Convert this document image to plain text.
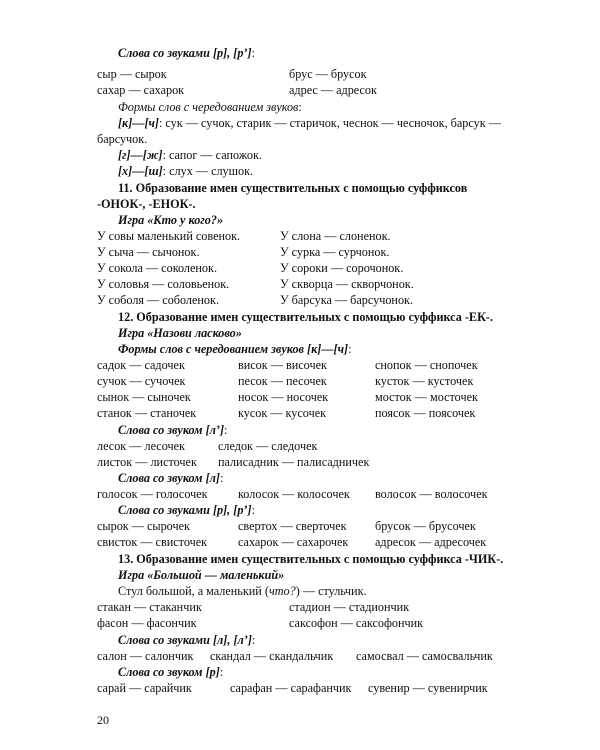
Слова со звуками [р], [р’]:
сыр — сырок	брус — брусок
сахар — сахарок	адрес — адресок
Формы слов с чередованием звуков:
[к]—[ч]: сук — сучок, старик — старичок, чеснок — чесночок, барсук —
барсучок.
[г]—[ж]: сапог — сапожок.
[х]—[ш]: слух — слушок.
11. Образование имен существительных с помощью суффиксов
-ОНОК-, -ЕНОК-.
Игра «Кто у кого?»
У совы маленький совенок.	У слона — слоненок.
У сыча — сычонок.	У сурка — сурчонок.
У сокола — соколенок.	У сороки — сорочонок.
У соловья — соловьенок.	У скворца — скворчонок.
У соболя — соболенок.	У барсука — барсучонок.
12. Образование имен существительных с помощью суффикса -ЕК-.
Игра «Назови ласково»
Формы слов с чередованием звуков [к]—[ч]:
садок — садочек	висок — височек	снопок — снопочек
сучок — сучочек	песок — песочек	кусток — кусточек
сынок — сыночек	носок — носочек	мосток — мосточек
станок — станочек	кусок — кусочек	поясок — поясочек
Слова со звуком [л’]:
лесок — лесочек	следок — следочек
листок — листочек палисадник — палисадничек
Слова со звуком [л]:
голосок — голосочек колосок — колосочек волосок — волосочек
Слова со звуками [р], [р’]:
сырок — сырочек	свертох — сверточек брусок — брусочек
свисток — свисточек	сахарок — сахарочек адресок — адресочек
13. Образование имен существительных с помощью суффикса -ЧИК-.
Игра «Большой — маленький»
Стул большой, а маленький (что?) — стульчик.
стакан — стаканчик	стадион — стадиончик
фасон — фасончик	саксофон — саксофончик
Слова со звуками [л], [л’]:
салон — салончик скандал — скандальчик самосвал — самосвальчик
Слова со звуком [р]:
сарай — сарайчик	сарафан — сарафанчик сувенир — сувенирчик
20
